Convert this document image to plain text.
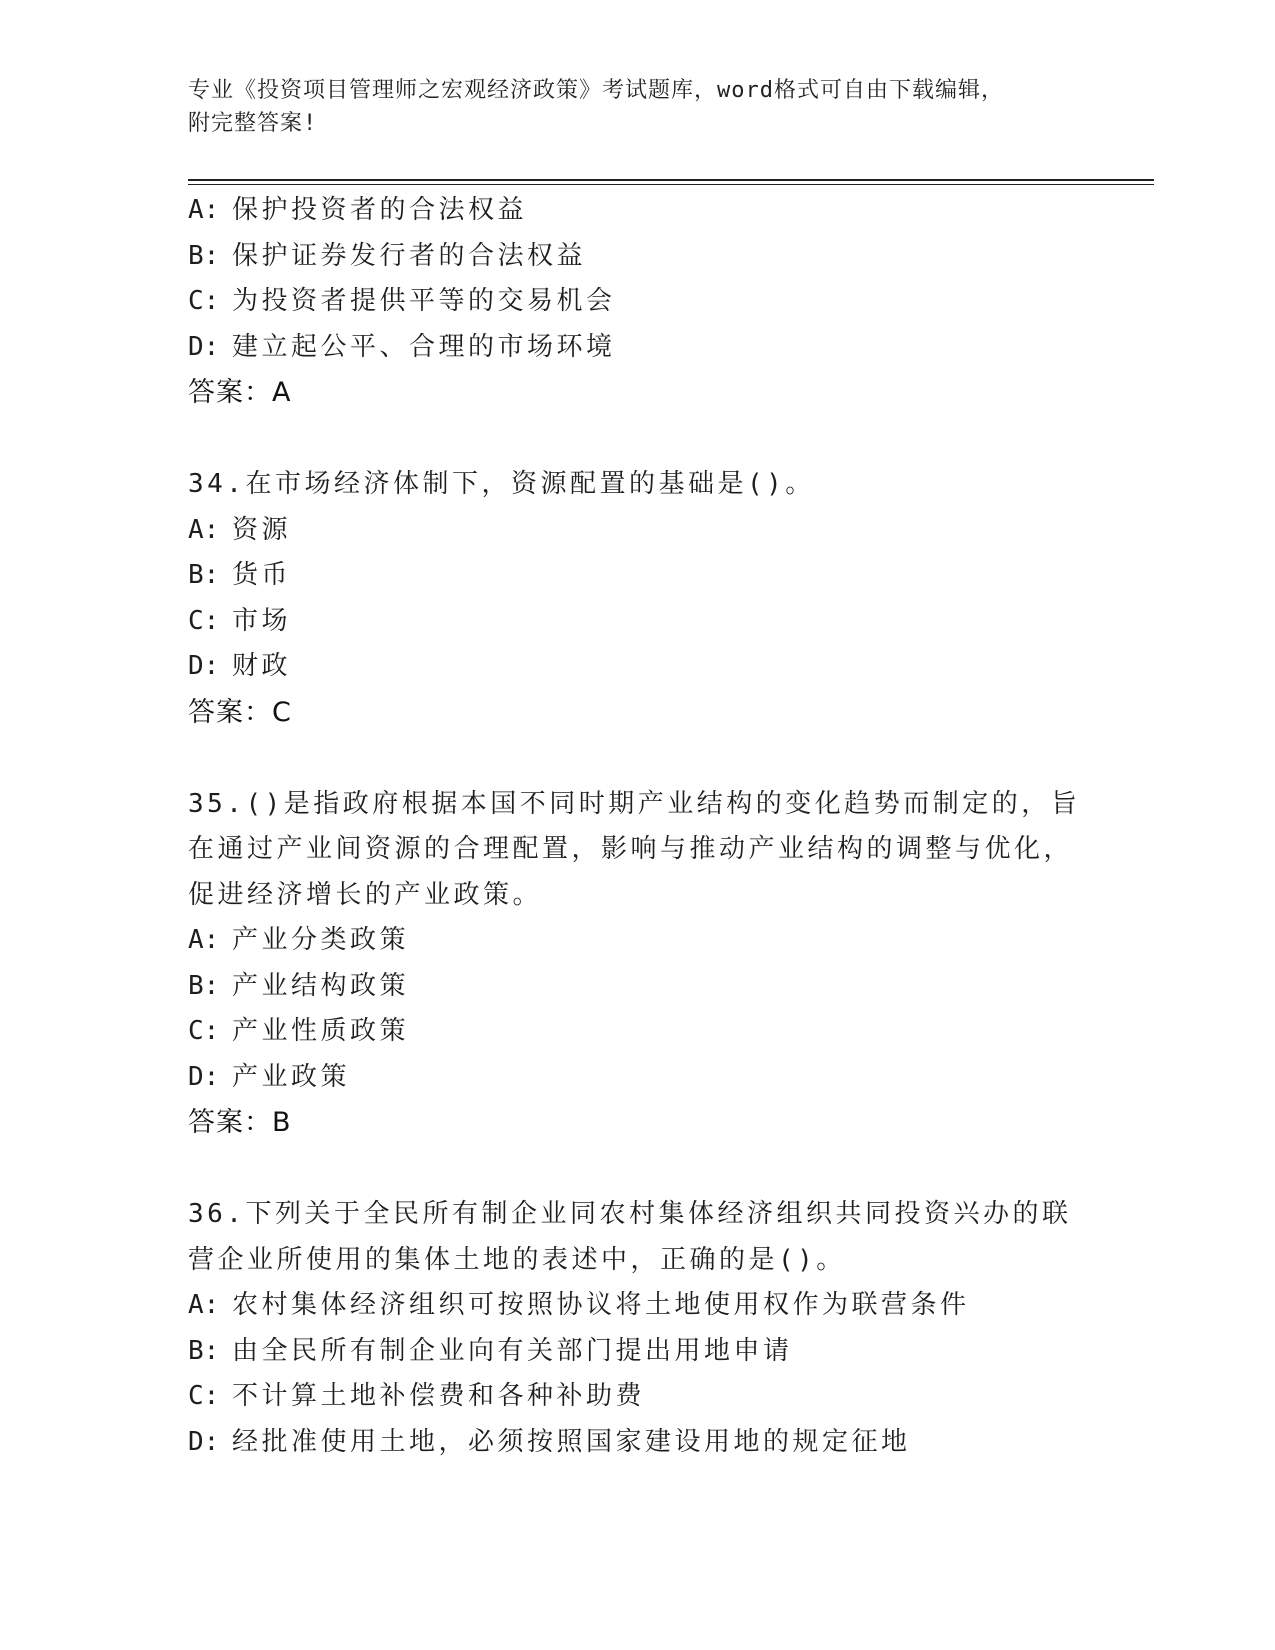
专业《投资项目管理师之宏观经济政策》考试题库，word格式可自由下载编辑，
附完整答案!

A: 保护投资者的合法权益

B: 保护证券发行者的合法权益

C: 为投资者提供平等的交易机会

D: 建立起公平、合理的市场环境

答案：A

34.在市场经济体制下，资源配置的基础是()。

A: 资源

B: 货币

C: 市场

D: 财政

答案：C

35.()是指政府根据本国不同时期产业结构的变化趋势而制定的，旨在通过产业间资源的合理配置，影响与推动产业结构的调整与优化，促进经济增长的产业政策。

A: 产业分类政策

B: 产业结构政策

C: 产业性质政策

D: 产业政策

答案：B

36.下列关于全民所有制企业同农村集体经济组织共同投资兴办的联营企业所使用的集体土地的表述中，正确的是()。

A: 农村集体经济组织可按照协议将土地使用权作为联营条件

B: 由全民所有制企业向有关部门提出用地申请

C: 不计算土地补偿费和各种补助费

D: 经批准使用土地，必须按照国家建设用地的规定征地
